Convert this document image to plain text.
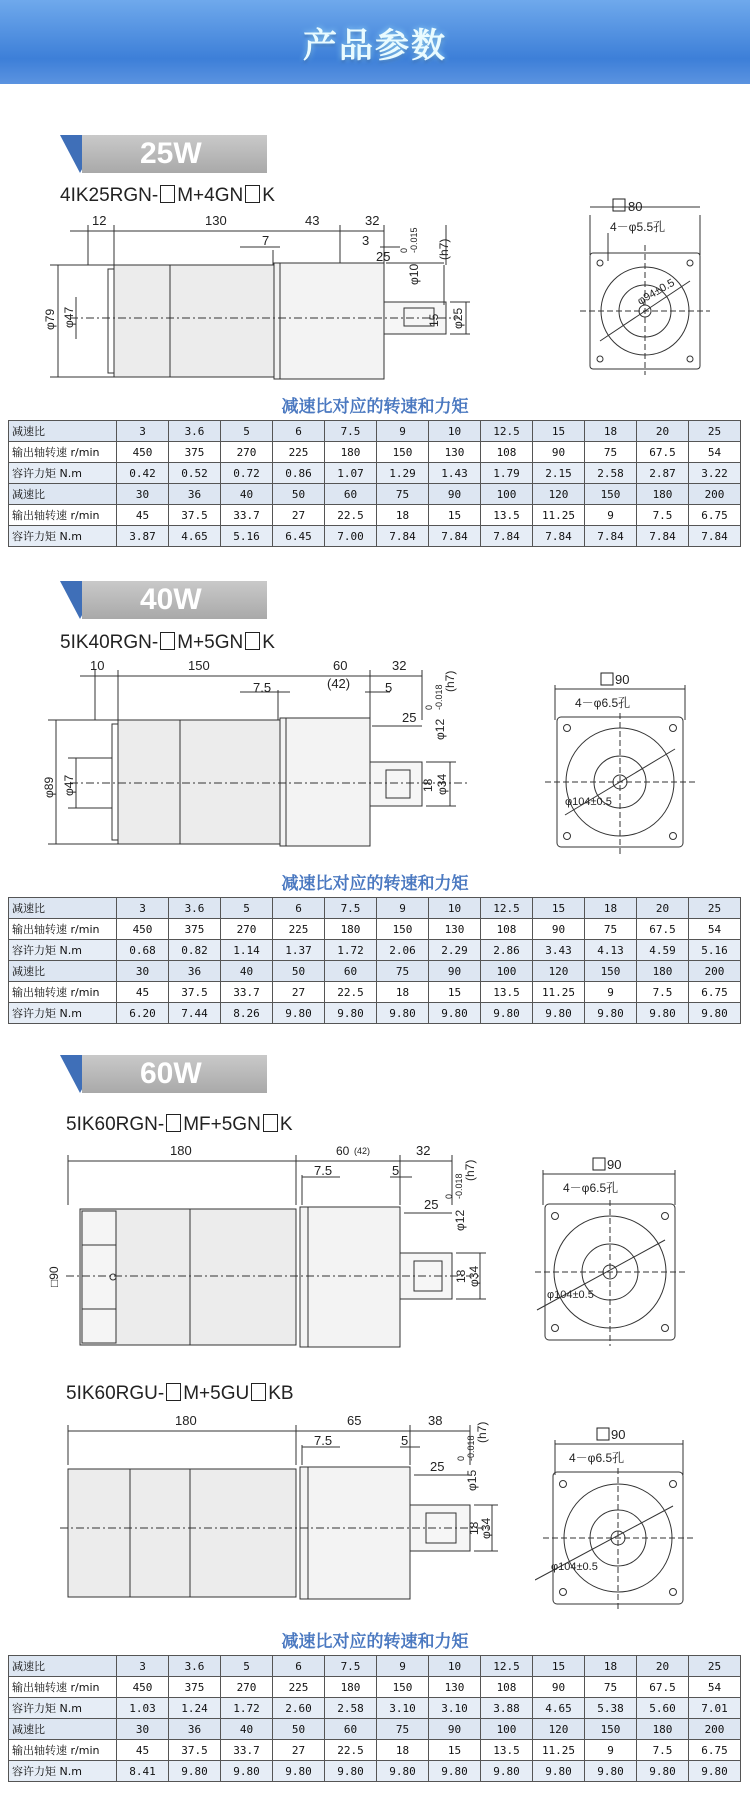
产品参数
25W
4IK25RGN- M+4GN K
12	130
7
43	32
3
25
φ79 φ47	15 φ25
φ10
0 -0.015 (h7)
80
4－φ5.5孔
φ94±0.5
减速比对应的转速和力矩
减速比	3	3.6	5	6	7.5	9	10	12.5	15	18	20	25
输出轴转速 r/min	450	375	270	225	180	150	130	108	90	75	67.5	54
容许力矩 N.m	0.42	0.52	0.72	0.86	1.07	1.29	1.43	1.79	2.15	2.58	2.87	3.22
减速比	30	36	40	50	60	75	90	100	120	150	180	200
输出轴转速 r/min	45	37.5	33.7	27	22.5	18	15	13.5	11.25	9	7.5	6.75
容许力矩 N.m	3.87	4.65	5.16	6.45	7.00	7.84	7.84	7.84	7.84	7.84	7.84	7.84
40W
5IK40RGN- M+5GN K
10	150
7.5
60
(42)
32
5
25
φ89 φ47	18 φ34
φ12
0 -0.018
(h7)	90
4－φ6.5孔
φ104±0.5
减速比对应的转速和力矩
减速比	3	3.6	5	6	7.5	9	10	12.5	15	18	20	25
输出轴转速 r/min	450	375	270	225	180	150	130	108	90	75	67.5	54
容许力矩 N.m	0.68	0.82	1.14	1.37	1.72	2.06	2.29	2.86	3.43	4.13	4.59	5.16
减速比	30	36	40	50	60	75	90	100	120	150	180	200
输出轴转速 r/min	45	37.5	33.7	27	22.5	18	15	13.5	11.25	9	7.5	6.75
容许力矩 N.m	6.20	7.44	8.26	9.80	9.80	9.80	9.80	9.80	9.80	9.80	9.80	9.80
60W
5IK60RGN- MF+5GN K
180	60 (42)
7.5
32
5
25
□90	18 φ34
φ12
0 -0.018
(h7)	90
4－φ6.5孔
φ104±0.5
5IK60RGU- M+5GU KB
180
7.5
65	38
5
25
18
φ34
φ15
0 -0.018
(h7)	90
4－φ6.5孔
φ104±0.5
减速比对应的转速和力矩
减速比	3	3.6	5	6	7.5	9	10	12.5	15	18	20	25
输出轴转速 r/min	450	375	270	225	180	150	130	108	90	75	67.5	54
容许力矩 N.m	1.03	1.24	1.72	2.60	2.58	3.10	3.10	3.88	4.65	5.38	5.60	7.01
减速比	30	36	40	50	60	75	90	100	120	150	180	200
输出轴转速 r/min	45	37.5	33.7	27	22.5	18	15	13.5	11.25	9	7.5	6.75
容许力矩 N.m	8.41	9.80	9.80	9.80	9.80	9.80	9.80	9.80	9.80	9.80	9.80	9.80
